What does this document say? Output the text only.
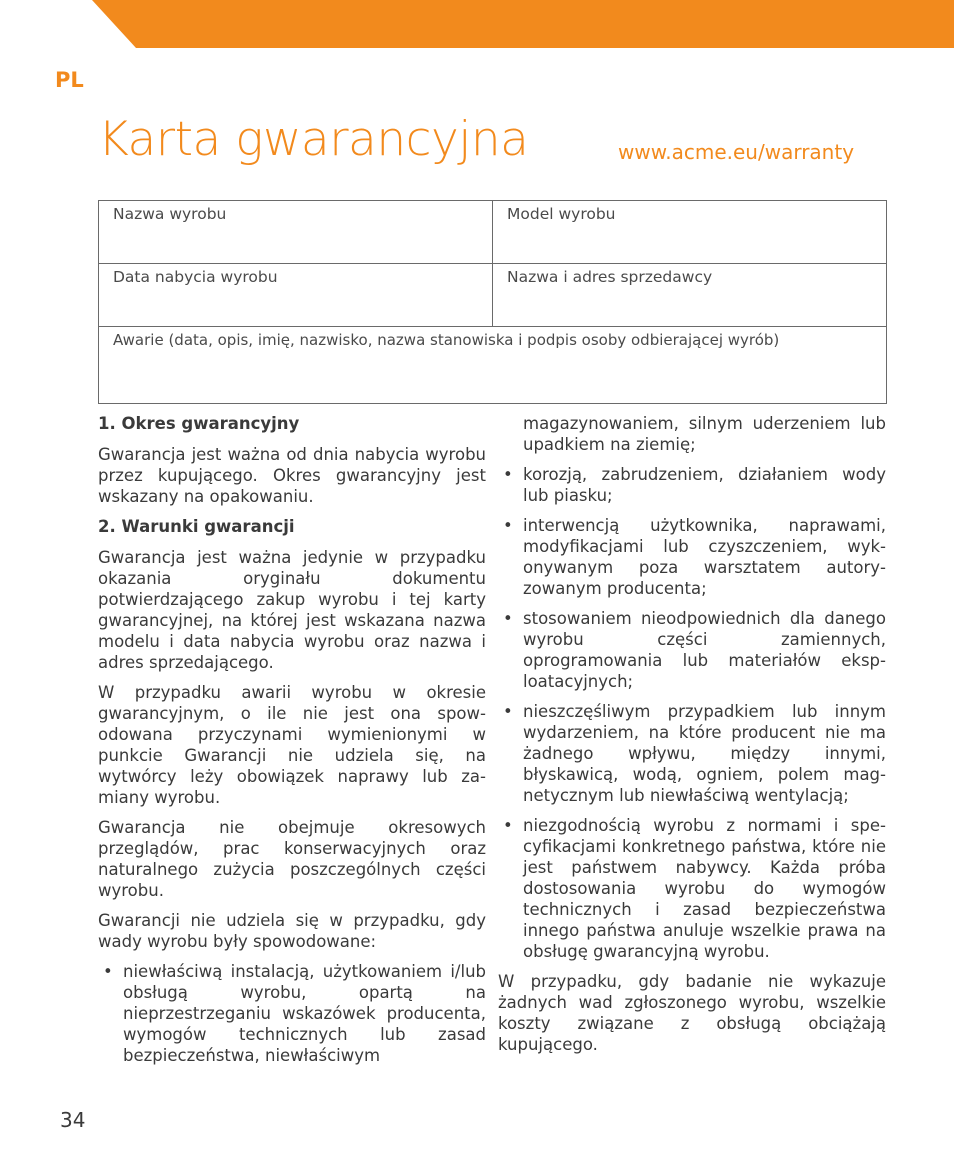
PL
Karta gwarancyjna	www.acme.eu/warranty
Nazwa wyrobu	Model wyrobu
Data nabycia wyrobu	Nazwa i adres sprzedawcy
Awarie (data, opis, imię, nazwisko, nazwa stanowiska i podpis osoby odbierającej wyrób)	
1. Okres gwarancyjny

Gwarancja jest ważna od dnia nabycia wyrobu przez kupującego. Okres gwarancyjny jest wskazany na opakowaniu.

2. Warunki gwarancji

Gwarancja jest ważna jedynie w przypadku okazania oryginału dokumentu potwierdzającego zakup wyrobu i tej karty gwarancyjnej, na której jest wskazana nazwa modelu i data nabycia wyrobu oraz nazwa i adres sprzedającego.

W przypadku awarii wyrobu w okresie gwarancyjnym, o ile nie jest ona spowodowana przyczynami wymienionymi w punkcie Gwarancji nie udziela się, na wytwórcy leży obowiązek naprawy lub zamiany wyrobu.

Gwarancja nie obejmuje okresowych przeglądów, prac konserwacyjnych oraz naturalnego zużycia poszczególnych części wyrobu.

Gwarancji nie udziela się w przypadku, gdy wady wyrobu były spowodowane:

• niewłaściwą instalacją, użytkowaniem i/lub obsługą wyrobu, opartą na nieprzestrzeganiu wskazówek producenta, wymogów technicznych lub zasad bezpieczeństwa, niewłaściwym
magazynowaniem, silnym uderzeniem lub upadkiem na ziemię;
• korozją, zabrudzeniem, działaniem wody lub piasku;
• interwencją użytkownika, naprawami, modyfikacjami lub czyszczeniem, wykonywanym poza warsztatem autoryzowanym producenta;
• stosowaniem nieodpowiednich dla danego wyrobu części zamiennych, oprogramowania lub materiałów eksploatacyjnych;
• nieszczęśliwym przypadkiem lub innym wydarzeniem, na które producent nie ma żadnego wpływu, między innymi, błyskawicą, wodą, ogniem, polem magnetycznym lub niewłaściwą wentylacją;
• niezgodnością wyrobu z normami i specyfikacjami konkretnego państwa, które nie jest państwem nabywcy. Każda próba dostosowania wyrobu do wymogów technicznych i zasad bezpieczeństwa innego państwa anuluje wszelkie prawa na obsługę gwarancyjną wyrobu.

W przypadku, gdy badanie nie wykazuje żadnych wad zgłoszonego wyrobu, wszelkie koszty związane z obsługą obciążają kupującego.

34
